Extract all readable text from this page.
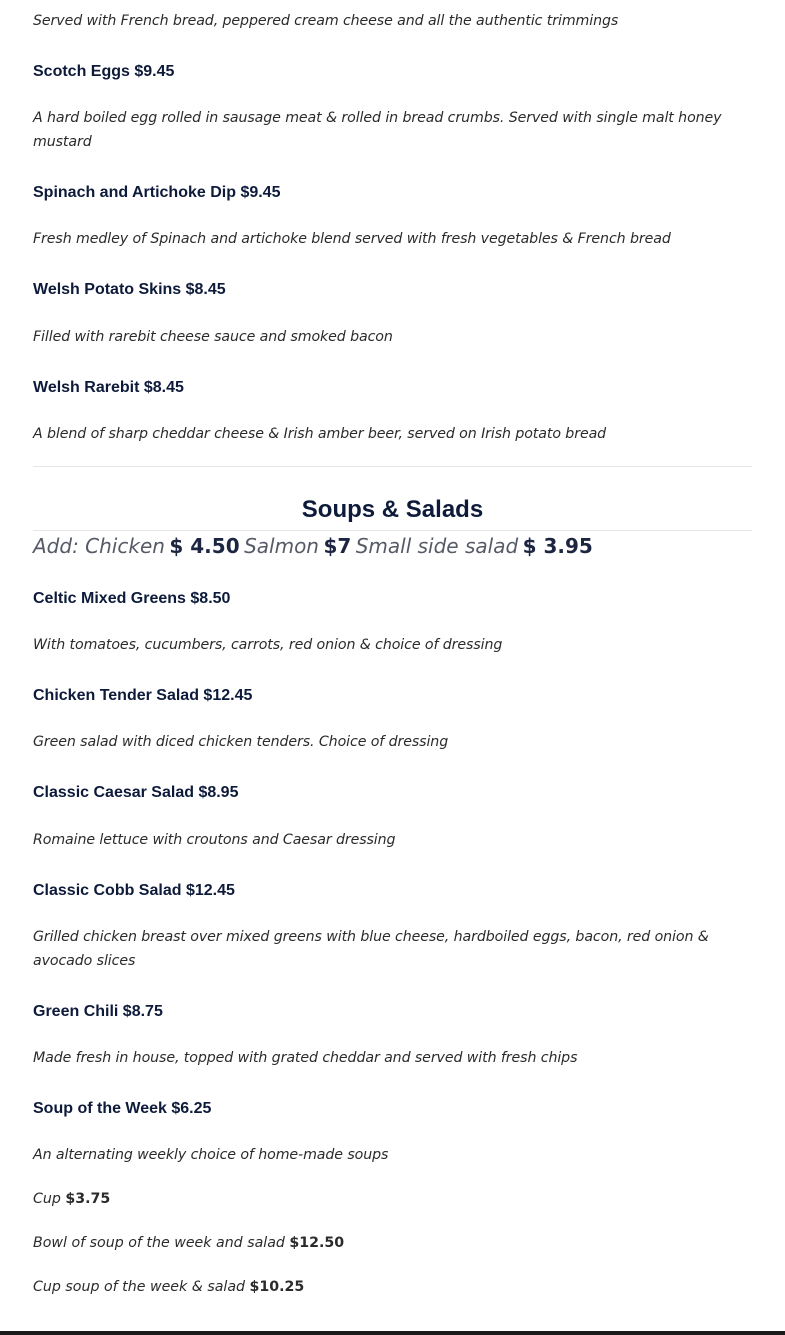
Served with French bread, peppered cream cheese and all the authentic trimmings

Scotch Eggs $9.45

A hard boiled egg rolled in sausage meat & rolled in bread crumbs. Served with single malt honey mustard

Spinach and Artichoke Dip $9.45

Fresh medley of Spinach and artichoke blend served with fresh vegetables & French bread

Welsh Potato Skins $8.45

Filled with rarebit cheese sauce and smoked bacon

Welsh Rarebit $8.45

A blend of sharp cheddar cheese & Irish amber beer, served on Irish potato bread

Soups & Salads
Add: Chicken $ 4.50 Salmon $7 Small side salad $ 3.95
Celtic Mixed Greens $8.50

With tomatoes, cucumbers, carrots, red onion & choice of dressing

Chicken Tender Salad $12.45

Green salad with diced chicken tenders. Choice of dressing

Classic Caesar Salad $8.95

Romaine lettuce with croutons and Caesar dressing

Classic Cobb Salad $12.45

Grilled chicken breast over mixed greens with blue cheese, hardboiled eggs, bacon, red onion & avocado slices

Green Chili $8.75

Made fresh in house, topped with grated cheddar and served with fresh chips

Soup of the Week $6.25

An alternating weekly choice of home-made soups

Cup $3.75
Bowl of soup of the week and salad $12.50
Cup soup of the week & salad $10.25
